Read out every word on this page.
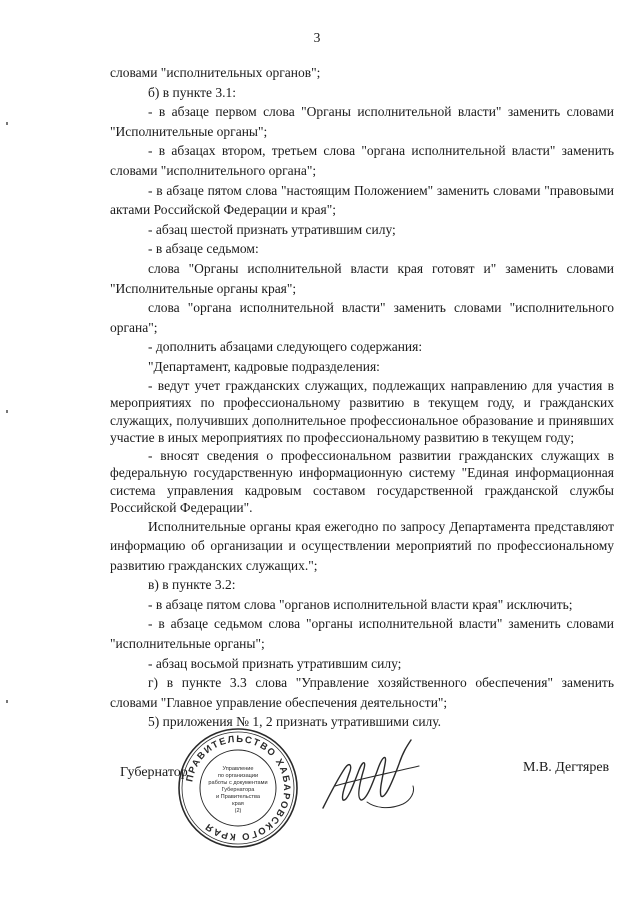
3

словами "исполнительных органов";

б) в пункте 3.1:

- в абзаце первом слова "Органы исполнительной власти" заменить словами "Исполнительные органы";

- в абзацах втором, третьем слова "органа исполнительной власти" заменить словами "исполнительного органа";

- в абзаце пятом слова "настоящим Положением" заменить словами "правовыми актами Российской Федерации и края";

- абзац шестой признать утратившим силу;

- в абзаце седьмом:

слова "Органы исполнительной власти края готовят и" заменить словами "Исполнительные органы края";

слова "органа исполнительной власти" заменить словами "исполнительного органа";

- дополнить абзацами следующего содержания:

"Департамент, кадровые подразделения:

- ведут учет гражданских служащих, подлежащих направлению для участия в мероприятиях по профессиональному развитию в текущем году, и гражданских служащих, получивших дополнительное профессиональное образование и принявших участие в иных мероприятиях по профессиональному развитию в текущем году;

- вносят сведения о профессиональном развитии гражданских служащих в федеральную государственную информационную систему "Единая информационная система управления кадровым составом государственной гражданской службы Российской Федерации".

Исполнительные органы края ежегодно по запросу Департамента представляют информацию об организации и осуществлении мероприятий по профессиональному развитию гражданских служащих.";

в) в пункте 3.2:

- в абзаце пятом слова "органов исполнительной власти края" исключить;

- в абзаце седьмом слова "органы исполнительной власти" заменить словами "исполнительные органы";

- абзац восьмой признать утратившим силу;

г) в пункте 3.3 слова "Управление хозяйственного обеспечения" заменить словами "Главное управление обеспечения деятельности";

5) приложения № 1, 2 признать утратившими силу.

Губернатор	М.В. Дегтярев
ПРАВИТЕЛЬСТВО ХАБАРОВСКОГО КРАЯ
Управление
по организации
работы с документами
Губернатора
и Правительства
края
(2)
